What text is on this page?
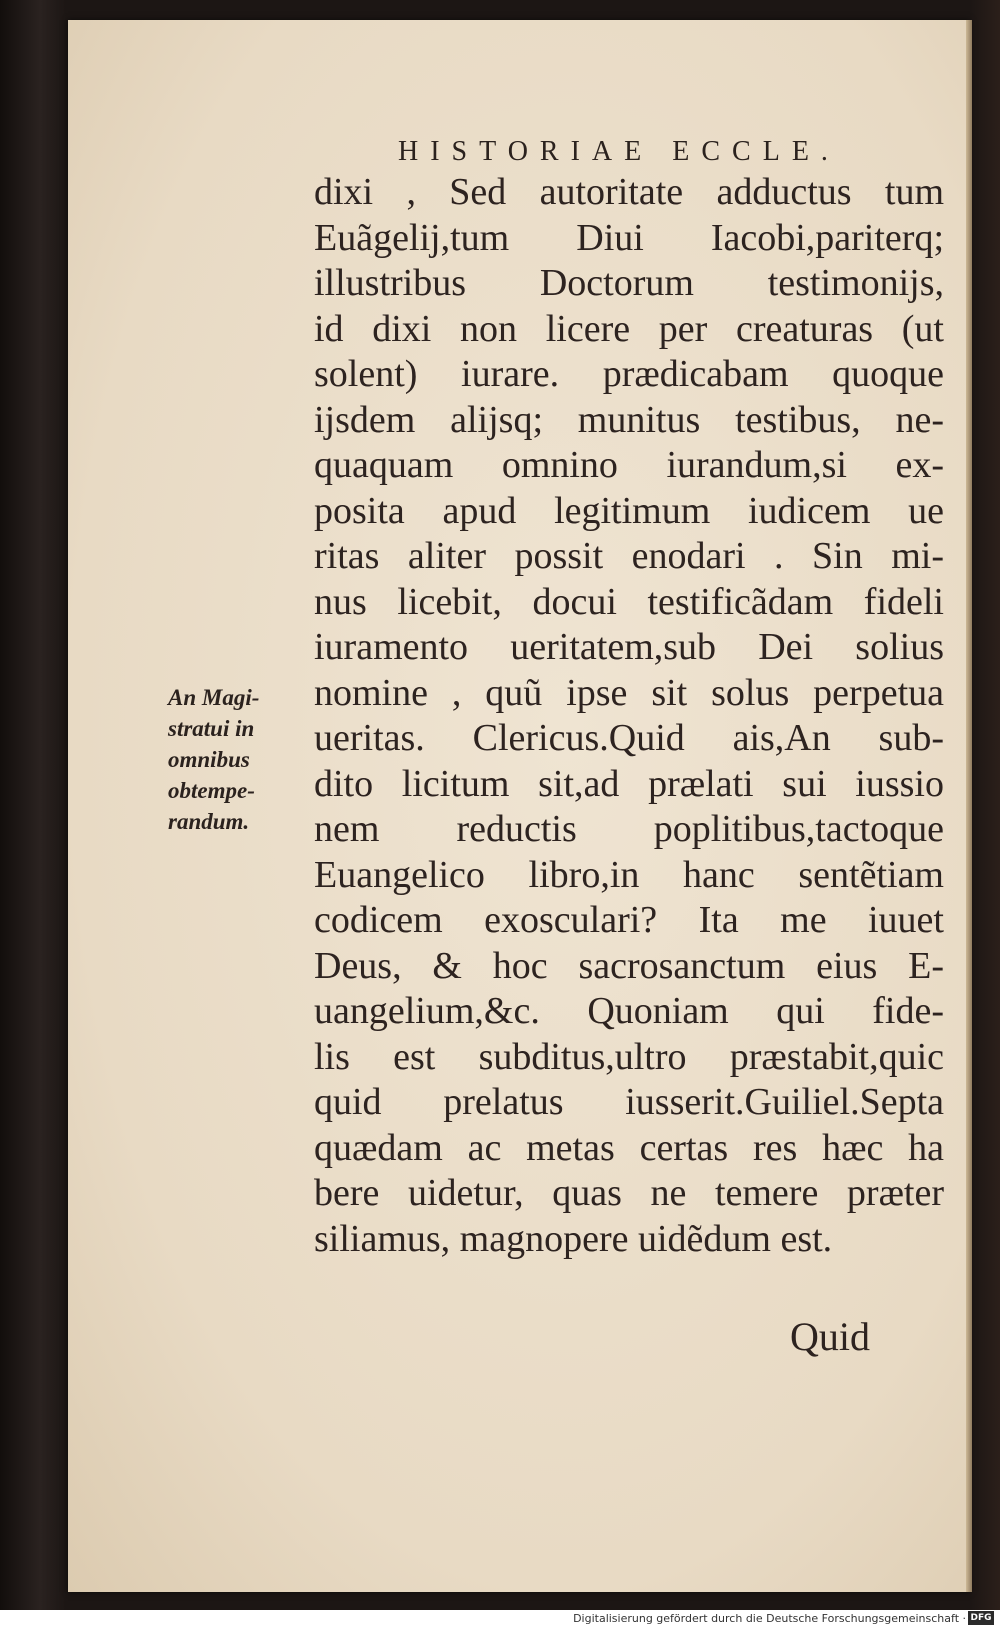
HISTORIAE ECCLE.
An Magi-
stratui in
omnibus
obtempe-
randum.
dixi , Sed autoritate adductus tum
Euãgelij,tum Diui Iacobi,pariterq;
illustribus Doctorum testimonijs,
id dixi non licere per creaturas (ut
solent) iurare. prædicabam quoque
ijsdem alijsq; munitus testibus, ne-
quaquam omnino iurandum,si ex-
posita apud legitimum iudicem ue
ritas aliter possit enodari . Sin mi-
nus licebit, docui testificãdam fideli
iuramento ueritatem,sub Dei solius
nomine , quũ ipse sit solus perpetua
ueritas. Clericus.Quid ais,An sub-
dito licitum sit,ad prælati sui iussio
nem reductis poplitibus,tactoque
Euangelico libro,in hanc sentẽtiam
codicem exosculari? Ita me iuuet
Deus, & hoc sacrosanctum eius E-
uangelium,&c. Quoniam qui fide-
lis est subditus,ultro præstabit,quic
quid prelatus iusserit.Guiliel.Septa
quædam ac metas certas res hæc ha
bere uidetur, quas ne temere præter
siliamus, magnopere uidẽdum est.
Quid
Digitalisierung gefördert durch die Deutsche Forschungsgemeinschaft · DFG
